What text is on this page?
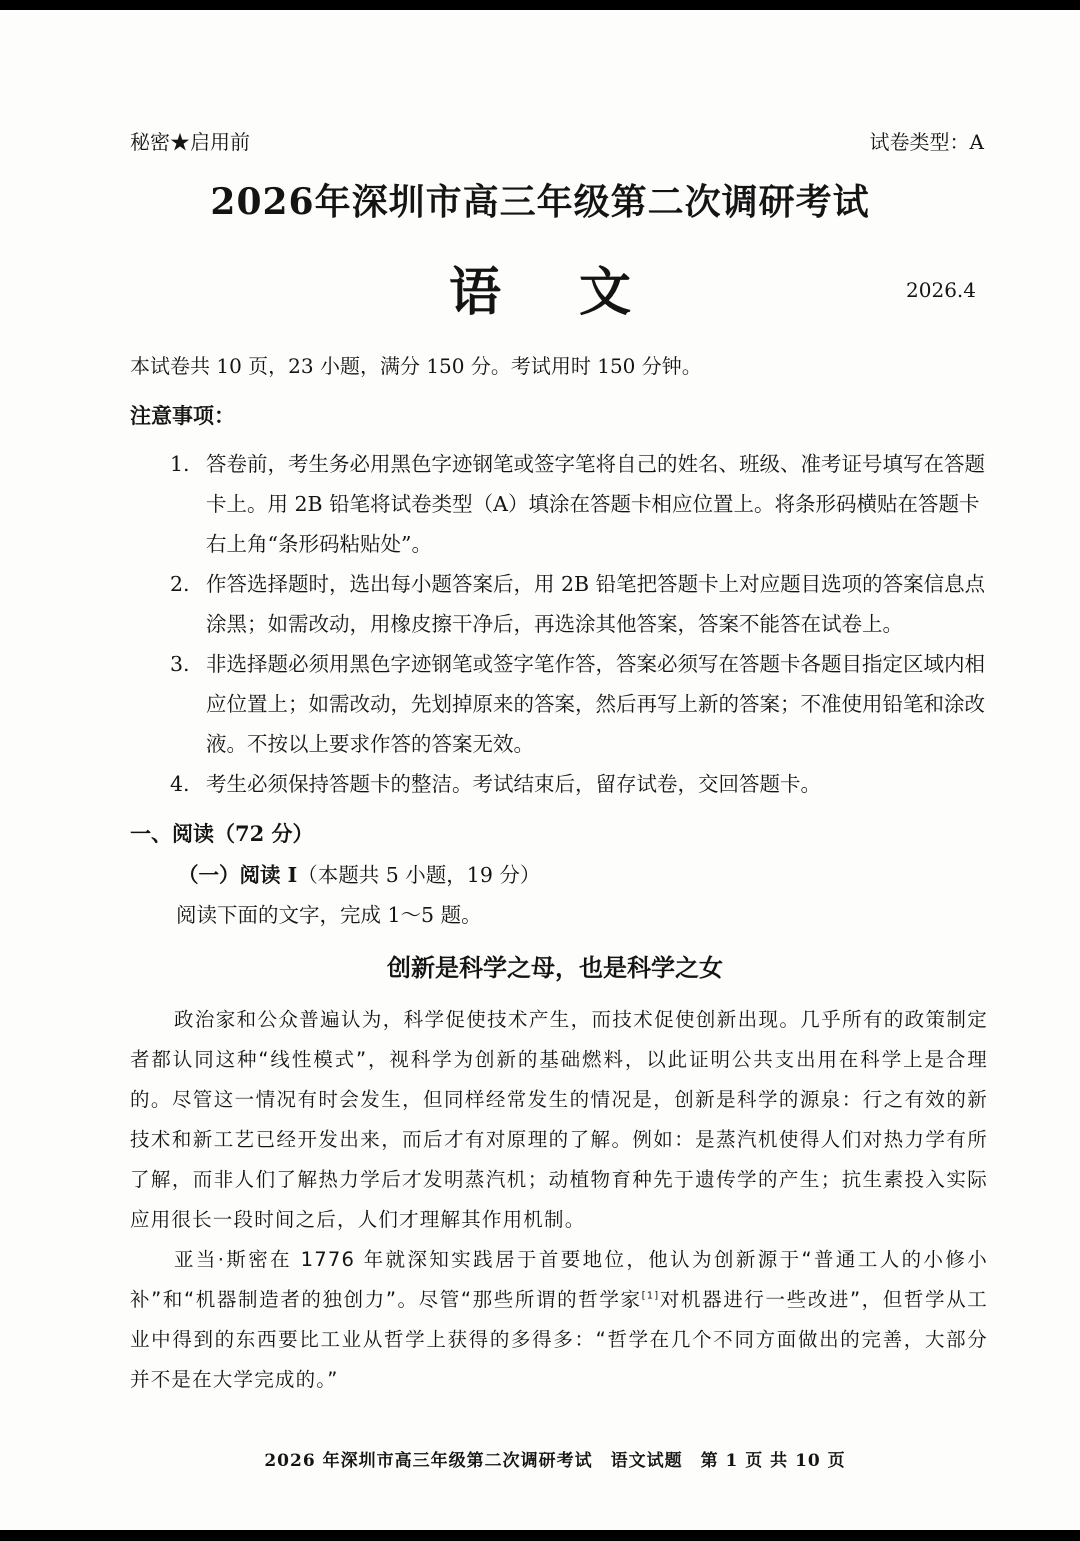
秘密★启用前	试卷类型：A
2026年深圳市高三年级第二次调研考试
语 文	2026.4
本试卷共 10 页，23 小题，满分 150 分。考试用时 150 分钟。
注意事项：
1. 答卷前，考生务必用黑色字迹钢笔或签字笔将自己的姓名、班级、准考证号填写在答题卡上。用 2B 铅笔将试卷类型（A）填涂在答题卡相应位置上。将条形码横贴在答题卡右上角“条形码粘贴处”。
2. 作答选择题时，选出每小题答案后，用 2B 铅笔把答题卡上对应题目选项的答案信息点涂黑；如需改动，用橡皮擦干净后，再选涂其他答案，答案不能答在试卷上。
3. 非选择题必须用黑色字迹钢笔或签字笔作答，答案必须写在答题卡各题目指定区域内相应位置上；如需改动，先划掉原来的答案，然后再写上新的答案；不准使用铅笔和涂改液。不按以上要求作答的答案无效。
4. 考生必须保持答题卡的整洁。考试结束后，留存试卷，交回答题卡。
一、阅读（72 分）
（一）阅读 I（本题共 5 小题，19 分）
阅读下面的文字，完成 1～5 题。
创新是科学之母，也是科学之女
政治家和公众普遍认为，科学促使技术产生，而技术促使创新出现。几乎所有的政策制定者都认同这种“线性模式”，视科学为创新的基础燃料，以此证明公共支出用在科学上是合理的。尽管这一情况有时会发生，但同样经常发生的情况是，创新是科学的源泉：行之有效的新技术和新工艺已经开发出来，而后才有对原理的了解。例如：是蒸汽机使得人们对热力学有所了解，而非人们了解热力学后才发明蒸汽机；动植物育种先于遗传学的产生；抗生素投入实际应用很长一段时间之后，人们才理解其作用机制。
亚当·斯密在 1776 年就深知实践居于首要地位，他认为创新源于“普通工人的小修小补”和“机器制造者的独创力”。尽管“那些所谓的哲学家[1]对机器进行一些改进”，但哲学从工业中得到的东西要比工业从哲学上获得的多得多：“哲学在几个不同方面做出的完善，大部分并不是在大学完成的。”
2026 年深圳市高三年级第二次调研考试　语文试题　第 1 页 共 10 页
